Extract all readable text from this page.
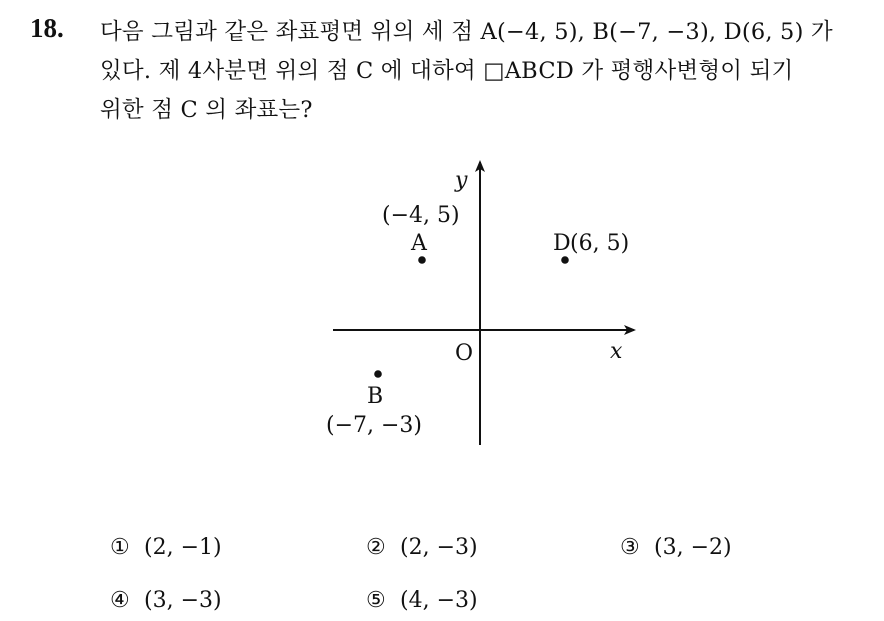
18. 다음 그림과 같은 좌표평면 위의 세 점 A(−4, 5), B(−7, −3), D(6, 5) 가
있다. 제 4사분면 위의 점 C 에 대하여 □ABCD 가 평행사변형이 되기
위한 점 C 의 좌표는?
y
x
O
A
(−4, 5)
D (6, 5)
B
(−7, −3)
① (2, −1)	② (2, −3)	③ (3, −2)
④ (3, −3)	⑤ (4, −3)
